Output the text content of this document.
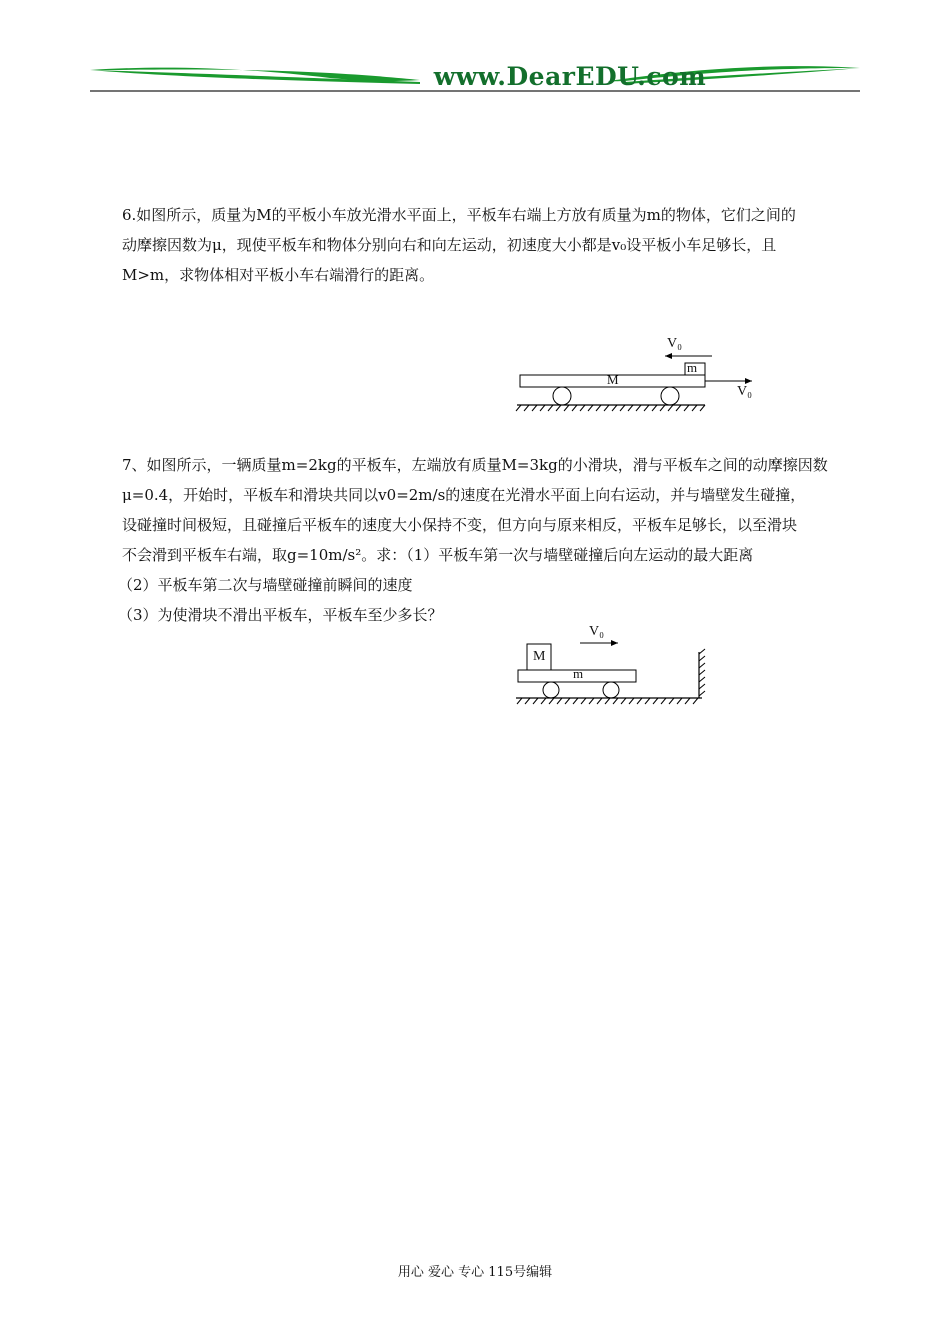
www.DearEDU.com

6.如图所示，质量为M的平板小车放光滑水平面上，平板车右端上方放有质量为m的物体，它们之间的

动摩擦因数为μ，现使平板车和物体分别向右和向左运动，初速度大小都是v₀设平板小车足够长，且

M>m，求物体相对平板小车右端滑行的距离。

V₀
m
M
V₀

7、如图所示，一辆质量m=2kg的平板车，左端放有质量M=3kg的小滑块，滑与平板车之间的动摩擦因数

μ=0.4，开始时，平板车和滑块共同以v0=2m/s的速度在光滑水平面上向右运动，并与墙壁发生碰撞，

设碰撞时间极短，且碰撞后平板车的速度大小保持不变，但方向与原来相反，平板车足够长，以至滑块

不会滑到平板车右端，取g=10m/s²。求：（1）平板车第一次与墙壁碰撞后向左运动的最大距离

（2）平板车第二次与墙壁碰撞前瞬间的速度

（3）为使滑块不滑出平板车，平板车至少多长？

V₀
M
m
用心 爱心 专心 115号编辑
